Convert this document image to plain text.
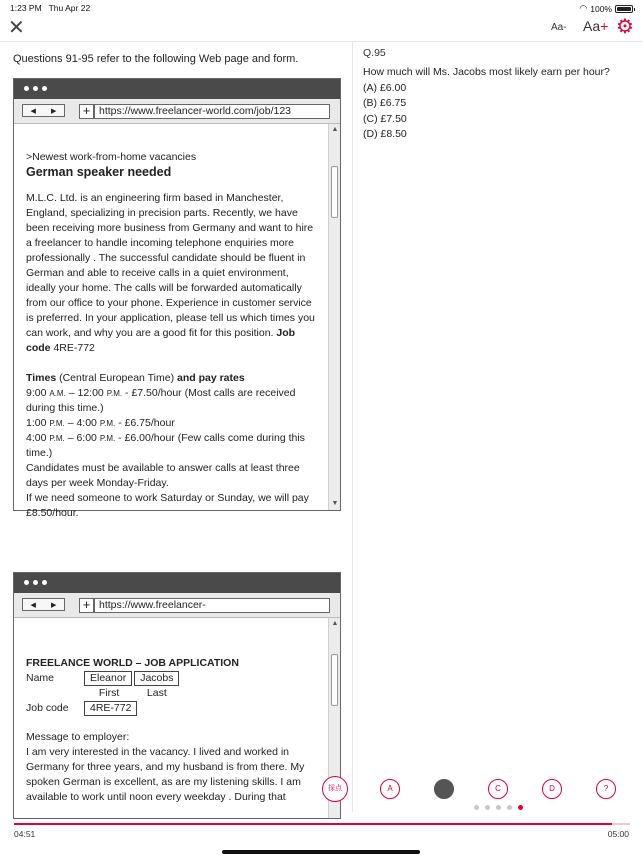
1:23 PM Thu Apr 22	◠ 100%
✕	Aa- Aa+ ⚙
Questions 91-95 refer to the following Web page and form.
◀ ▶ + https://www.freelancer-world.com/job/123

>Newest work-from-home vacancies

German speaker needed

M.L.C. Ltd. is an engineering firm based in Manchester, England, specializing in precision parts. Recently, we have been receiving more business from Germany and want to hire a freelancer to handle incoming telephone enquiries more professionally . The successful candidate should be fluent in German and able to receive calls in a quiet environment, ideally your home. The calls will be forwarded automatically from our office to your phone. Experience in customer service is preferred. In your application, please tell us which times you can work, and why you are a good fit for this position. Job code 4RE-772

Times (Central European Time) and pay rates

9:00 A.M. – 12:00 P.M. - £7.50/hour (Most calls are received during this time.)

1:00 P.M. – 4:00 P.M. - £6.75/hour

4:00 P.M. – 6:00 P.M. - £6.00/hour (Few calls come during this time.)

Candidates must be available to answer calls at least three days per week Monday-Friday.

If we need someone to work Saturday or Sunday, we will pay £8.50/hour.

▲
▼
◀ ▶ + https://www.freelancer-

FREELANCE WORLD – JOB APPLICATION

Name	Eleanor	Jacobs
	First	Last
Job code	4RE-772	

Message to employer:

I am very interested in the vacancy. I lived and worked in Germany for three years, and my husband is from there. My spoken German is excellent, as are my listening skills. I am available to work until noon every weekday . During that

▲
Q.95
How much will Ms. Jacobs most likely earn per hour?
(A) £6.00
(B) £6.75
(C) £7.50
(D) £8.50
採点	A	B	C	D	?
04:51	05:00
